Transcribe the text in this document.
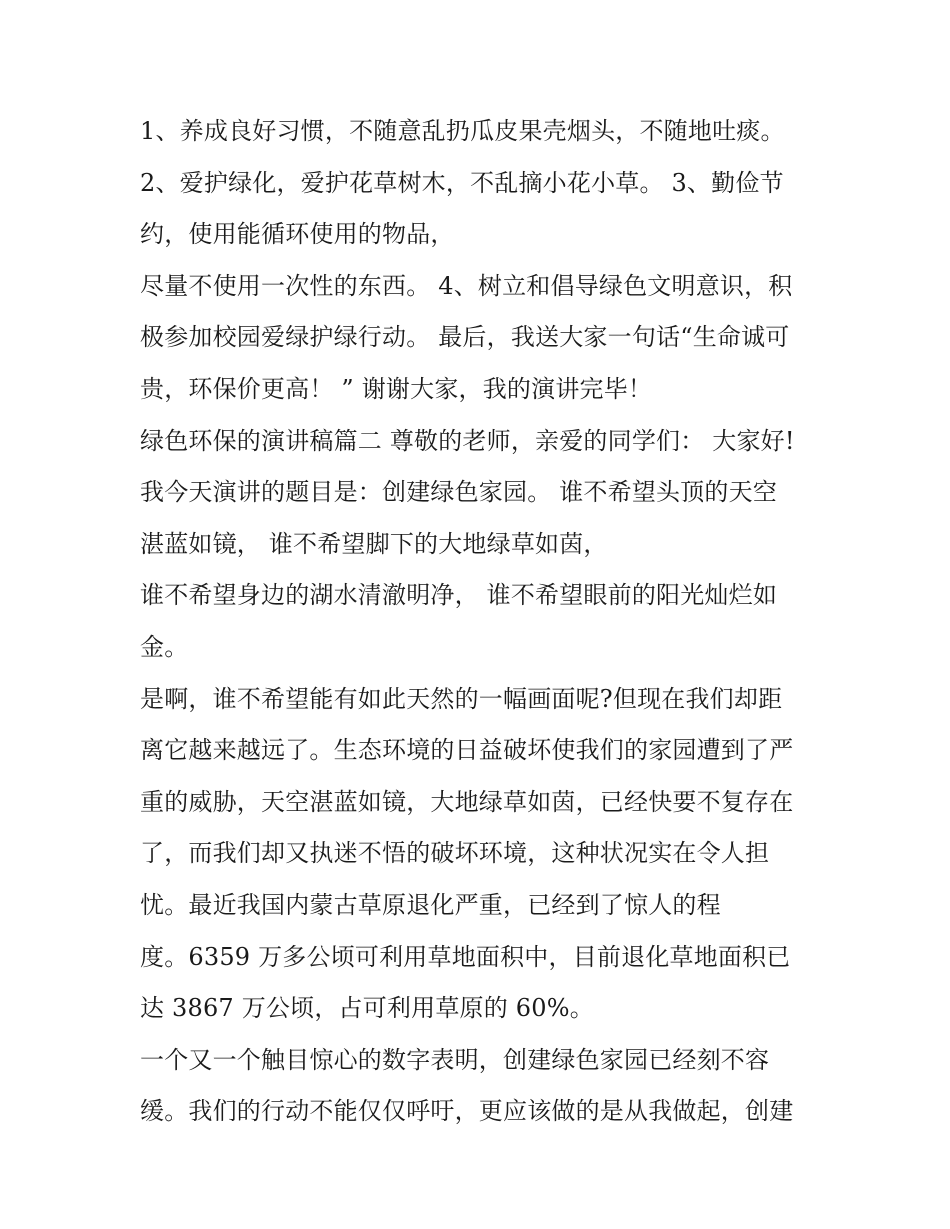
1、养成良好习惯，不随意乱扔瓜皮果壳烟头，不随地吐痰。
2、爱护绿化，爱护花草树木，不乱摘小花小草。 3、勤俭节
约，使用能循环使用的物品，
尽量不使用一次性的东西。 4、树立和倡导绿色文明意识，积
极参加校园爱绿护绿行动。 最后，我送大家一句话“生命诚可
贵，环保价更高！ ” 谢谢大家，我的演讲完毕！
绿色环保的演讲稿篇二 尊敬的老师，亲爱的同学们： 大家好!
我今天演讲的题目是：创建绿色家园。 谁不希望头顶的天空
湛蓝如镜， 谁不希望脚下的大地绿草如茵，
谁不希望身边的湖水清澈明净， 谁不希望眼前的阳光灿烂如
金。
是啊，谁不希望能有如此天然的一幅画面呢?但现在我们却距
离它越来越远了。生态环境的日益破坏使我们的家园遭到了严
重的威胁，天空湛蓝如镜，大地绿草如茵，已经快要不复存在
了，而我们却又执迷不悟的破坏环境，这种状况实在令人担
忧。最近我国内蒙古草原退化严重，已经到了惊人的程
度。6359 万多公顷可利用草地面积中，目前退化草地面积已
达 3867 万公顷，占可利用草原的 60%。
一个又一个触目惊心的数字表明，创建绿色家园已经刻不容
缓。我们的行动不能仅仅呼吁，更应该做的是从我做起，创建
